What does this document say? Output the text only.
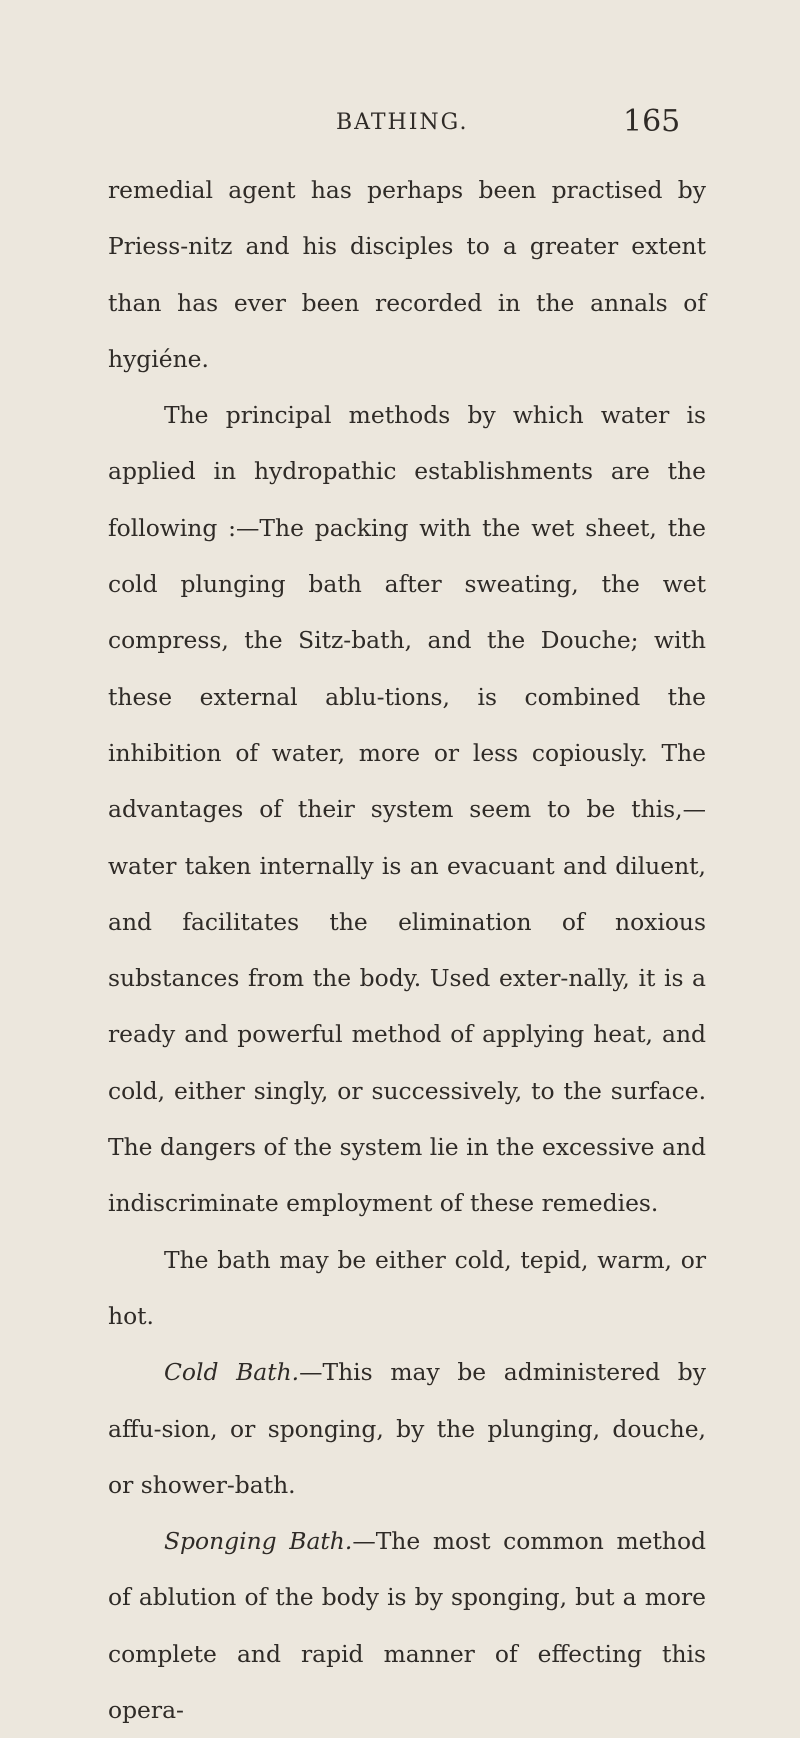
BATHING.	165

remedial agent has perhaps been practised by Priess-nitz and his disciples to a greater extent than has ever been recorded in the annals of hygiéne.

The principal methods by which water is applied in hydropathic establishments are the following :—The packing with the wet sheet, the cold plunging bath after sweating, the wet compress, the Sitz-bath, and the Douche; with these external ablu-tions, is combined the inhibition of water, more or less copiously. The advantages of their system seem to be this,—water taken internally is an evacuant and diluent, and facilitates the elimination of noxious substances from the body. Used exter-nally, it is a ready and powerful method of applying heat, and cold, either singly, or successively, to the surface. The dangers of the system lie in the excessive and indiscriminate employment of these remedies.

The bath may be either cold, tepid, warm, or hot.

Cold Bath.—This may be administered by affu-sion, or sponging, by the plunging, douche, or shower-bath.

Sponging Bath.—The most common method of ablution of the body is by sponging, but a more complete and rapid manner of effecting this opera-
